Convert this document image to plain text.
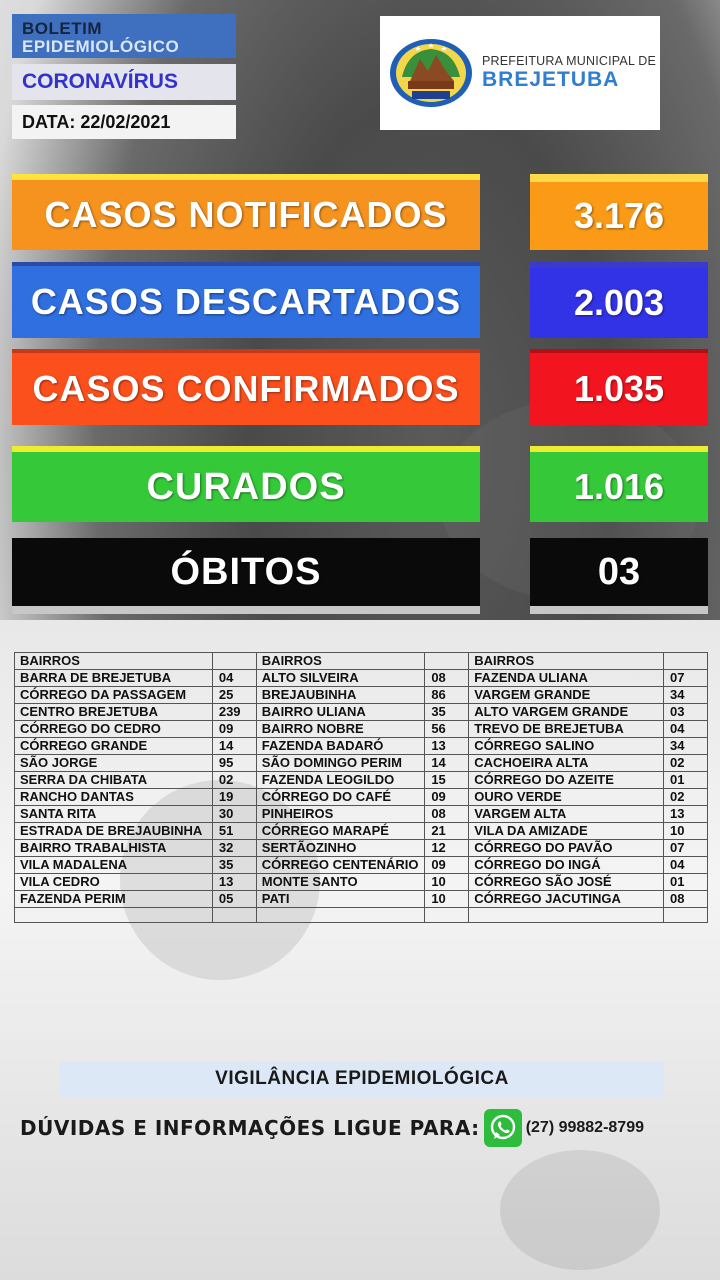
BOLETIM
EPIDEMIOLÓGICO
CORONAVÍRUS
DATA: 22/02/2021
PREFEITURA MUNICIPAL DE
BREJETUBA
CASOS NOTIFICADOS	3.176
CASOS DESCARTADOS	2.003
CASOS CONFIRMADOS	1.035
CURADOS	1.016
ÓBITOS	03
BAIRROS		BAIRROS		BAIRROS	
BARRA DE BREJETUBA	04	ALTO SILVEIRA	08	FAZENDA ULIANA	07
CÓRREGO DA PASSAGEM	25	BREJAUBINHA	86	VARGEM GRANDE	34
CENTRO BREJETUBA	239	BAIRRO ULIANA	35	ALTO VARGEM GRANDE	03
CÓRREGO DO CEDRO	09	BAIRRO NOBRE	56	TREVO DE BREJETUBA	04
CÓRREGO GRANDE	14	FAZENDA BADARÓ	13	CÓRREGO SALINO	34
SÃO JORGE	95	SÃO DOMINGO PERIM	14	CACHOEIRA ALTA	02
SERRA DA CHIBATA	02	FAZENDA LEOGILDO	15	CÓRREGO DO AZEITE	01
RANCHO DANTAS	19	CÓRREGO DO CAFÉ	09	OURO VERDE	02
SANTA RITA	30	PINHEIROS	08	VARGEM ALTA	13
ESTRADA DE BREJAUBINHA	51	CÓRREGO MARAPÉ	21	VILA DA AMIZADE	10
BAIRRO TRABALHISTA	32	SERTÃOZINHO	12	CÓRREGO DO PAVÃO	07
VILA MADALENA	35	CÓRREGO CENTENÁRIO	09	CÓRREGO DO INGÁ	04
VILA CEDRO	13	MONTE SANTO	10	CÓRREGO SÃO JOSÉ	01
FAZENDA PERIM	05	PATI	10	CÓRREGO JACUTINGA	08

VIGILÂNCIA EPIDEMIOLÓGICA
DÚVIDAS E INFORMAÇÕES LIGUE PARA:	(27) 99882-8799
